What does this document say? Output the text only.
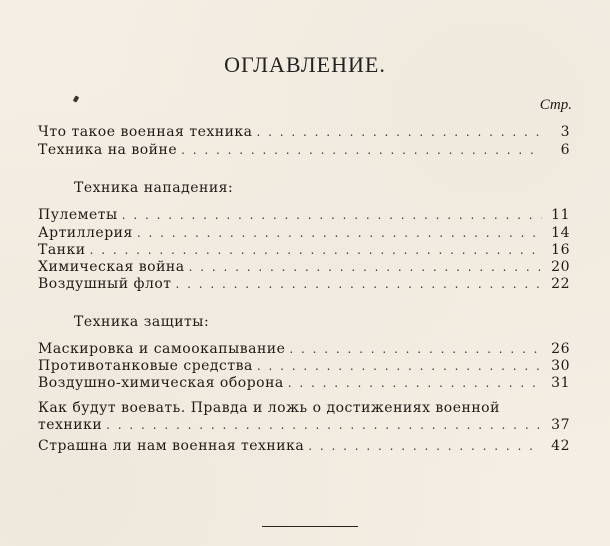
ОГЛАВЛЕНИЕ.
Стр.
Что такое военная техника . . .	3
Техника на войне . . .	6
Техника нападения:
Пулеметы . . .	11
Артиллерия . . .	14
Танки . . .	16
Химическая война . . .	20
Воздушный флот . . .	22
Техника защиты:
Маскировка и самоокапывание . . .	26
Противотанковые средства . . .	30
Воздушно-химическая оборона . . .	31
Как будут воевать. Правда и ложь о достижениях военной
техники . . .	37
Страшна ли нам военная техника . . .	42
